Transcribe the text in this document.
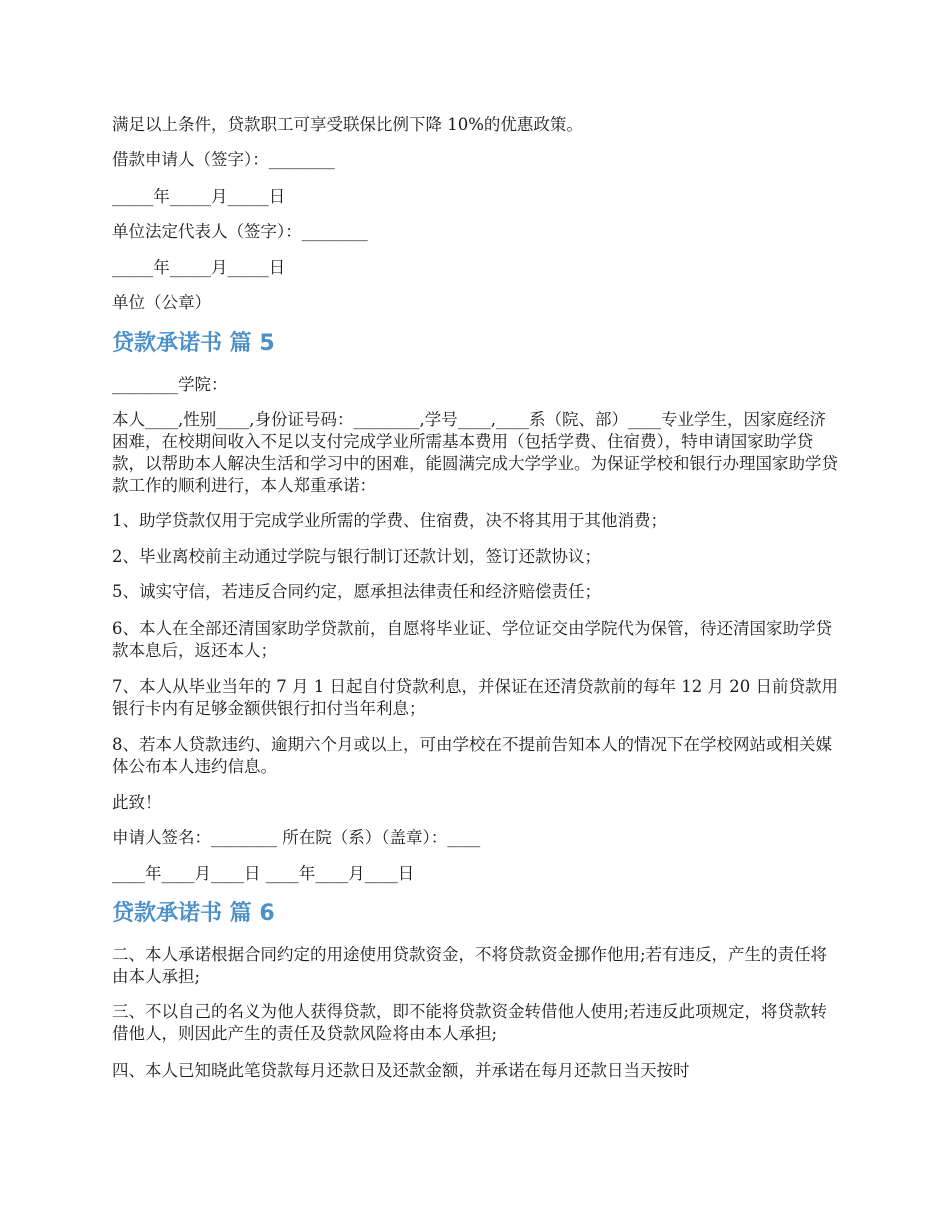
满足以上条件，贷款职工可享受联保比例下降 10%的优惠政策。

借款申请人（签字）：________

_____年_____月_____日

单位法定代表人（签字）：________

_____年_____月_____日

单位（公章）

贷款承诺书 篇 5

________学院：

本人____,性别____,身份证号码：________,学号____,____系（院、部）____专业学生，因家庭经济困难，在校期间收入不足以支付完成学业所需基本费用（包括学费、住宿费），特申请国家助学贷款，以帮助本人解决生活和学习中的困难，能圆满完成大学学业。为保证学校和银行办理国家助学贷款工作的顺利进行，本人郑重承诺：

1、助学贷款仅用于完成学业所需的学费、住宿费，决不将其用于其他消费；

2、毕业离校前主动通过学院与银行制订还款计划，签订还款协议；

5、诚实守信，若违反合同约定，愿承担法律责任和经济赔偿责任；

6、本人在全部还清国家助学贷款前，自愿将毕业证、学位证交由学院代为保管，待还清国家助学贷款本息后，返还本人；

7、本人从毕业当年的 7 月 1 日起自付贷款利息，并保证在还清贷款前的每年 12 月 20 日前贷款用银行卡内有足够金额供银行扣付当年利息；

8、若本人贷款违约、逾期六个月或以上，可由学校在不提前告知本人的情况下在学校网站或相关媒体公布本人违约信息。

此致！

申请人签名：________ 所在院（系）（盖章）：____

____年____月____日 ____年____月____日

贷款承诺书 篇 6

二、本人承诺根据合同约定的用途使用贷款资金，不将贷款资金挪作他用;若有违反，产生的责任将由本人承担;

三、不以自己的名义为他人获得贷款，即不能将贷款资金转借他人使用;若违反此项规定，将贷款转借他人，则因此产生的责任及贷款风险将由本人承担;

四、本人已知晓此笔贷款每月还款日及还款金额，并承诺在每月还款日当天按时
